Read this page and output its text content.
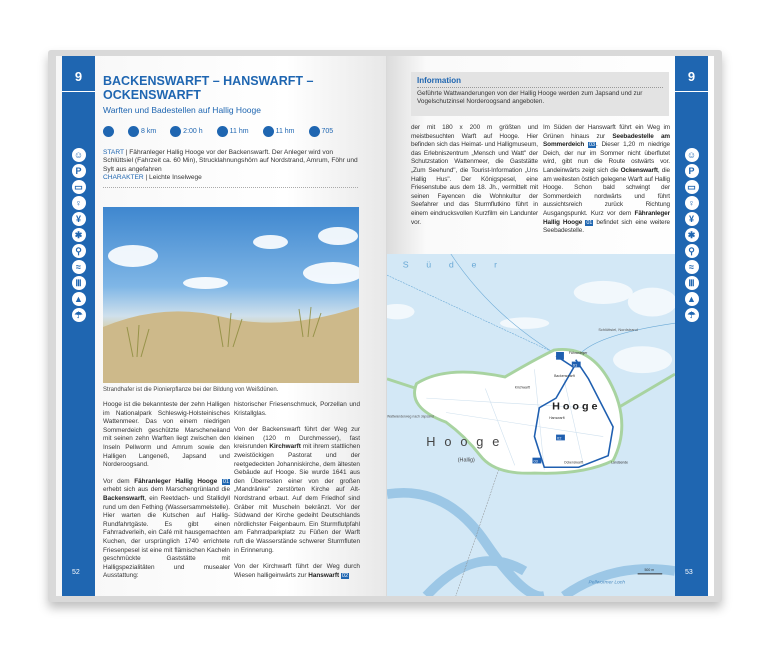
9
☺
P
▭
♀
¥
✱
⚲
≈
Ⅲ
▲
☂
52
BACKENSWARFT – HANSWARFT – OCKENSWARFT
Warften und Badestellen auf Hallig Hooge
8 km	2:00 h	11 hm	11 hm	705
START | Fähranleger Hallig Hooge vor der Backenswarft. Der Anleger wird von Schlüttsiel (Fahrzeit ca. 60 Min), Strucklahnungshörn auf Nordstrand, Amrum, Föhr und Sylt aus angefahren
CHARAKTER | Leichte Inselwege
Strandhafer ist die Pionierpflanze bei der Bildung von Weißdünen.

Hooge ist die bekannteste der zehn Halligen im Nationalpark Schleswig-Holsteinisches Wattenmeer. Das von einem niedrigen Sommerdeich geschützte Marscheneiland mit seinen zehn Warften liegt zwischen den Inseln Pellworm und Amrum sowie den Halligen Langeneß, Japsand und Norderoogsand.

Vor dem Fähranleger Hallig Hooge 01 erhebt sich aus dem Marschengrünland die Backenswarft, ein Reetdach- und Stallidyll rund um den Fething (Wassersammelstelle). Hier warten die Kutschen auf Hallig-Rundfahrtgäste. Es gibt einen Fahrradverleih, ein Café mit hausgemachten Kuchen, der ursprünglich 1740 errichtete Friesenpesel ist eine mit flämischen Kacheln geschmückte Gaststätte mit Halligspezialitäten und musealer Ausstattung:

historischer Friesenschmuck, Porzellan und Kristallglas.

Von der Backenswarft führt der Weg zur kleinen (120 m Durchmesser), fast kreisrunden Kirchwarft mit ihrem stattlichen zweistöckigen Pastorat und der reetgedeckten Johanniskirche, dem ältesten Gebäude auf Hooge. Sie wurde 1641 aus den Überresten einer von der großen „Mandränke" zerstörten Kirche auf Alt-Nordstrand erbaut. Auf dem Friedhof sind Gräber mit Muscheln bekränzt. Vor der Südwand der Kirche gedeiht Deutschlands nördlichster Feigenbaum. Ein Sturmflutpfahl am Fahrradparkplatz zu Füßen der Warft ruft die Wasserstände schwerer Sturmfluten in Erinnerung.

Von der Kirchwarft führt der Weg durch Wiesen halligeinwärts zur Hanswarft 02

Information

Geführte Wattwanderungen von der Hallig Hooge werden zum Japsand und zur Vogelschutzinsel Norderoogsand angeboten.

der mit 180 x 200 m größten und meistbesuchten Warft auf Hooge. Hier befinden sich das Heimat- und Halligmuseum, das Erlebniszentrum „Mensch und Watt" der Schutzstation Wattenmeer, die Gaststätte „Zum Seehund", die Tourist-Information „Uns Hallig Hus". Der Königspesel, eine Friesenstube aus dem 18. Jh., vermittelt mit seinen Fayencen die Wohnkultur der Seefahrer und das Sturmflutkino führt in einem eindrucksvollen Kurzfilm ein Landunter vor.

Im Süden der Hanswarft führt ein Weg im Grünen hinaus zur Seebadestelle am Sommerdeich 03. Dieser 1,20 m niedrige Deich, der nur im Sommer nicht überflutet wird, gibt nun die Route ostwärts vor. Landeinwärts zeigt sich die Ockenswarft, die am weitesten östlich gelegene Warft auf Hallig Hooge. Schon bald schwingt der Sommerdeich nordwärts und führt aussichtsreich zurück Richtung Ausgangspunkt. Kurz vor dem Fähranleger Hallig Hooge 01 befindet sich eine weitere Seebadestelle.

Süder
Schlüttsiel, Nordstrand
Hooge
Hooge
(Hallig)
Wattwanderweg nach Japsand
Pellwormer Loch
500 m
Backenswarft
Hanswarft
Kirchwarft
Ockenswarft	Landsende
Fähranleger
01
02
03
9
☺
P
▭
♀
¥
✱
⚲
≈
Ⅲ
▲
☂
53
